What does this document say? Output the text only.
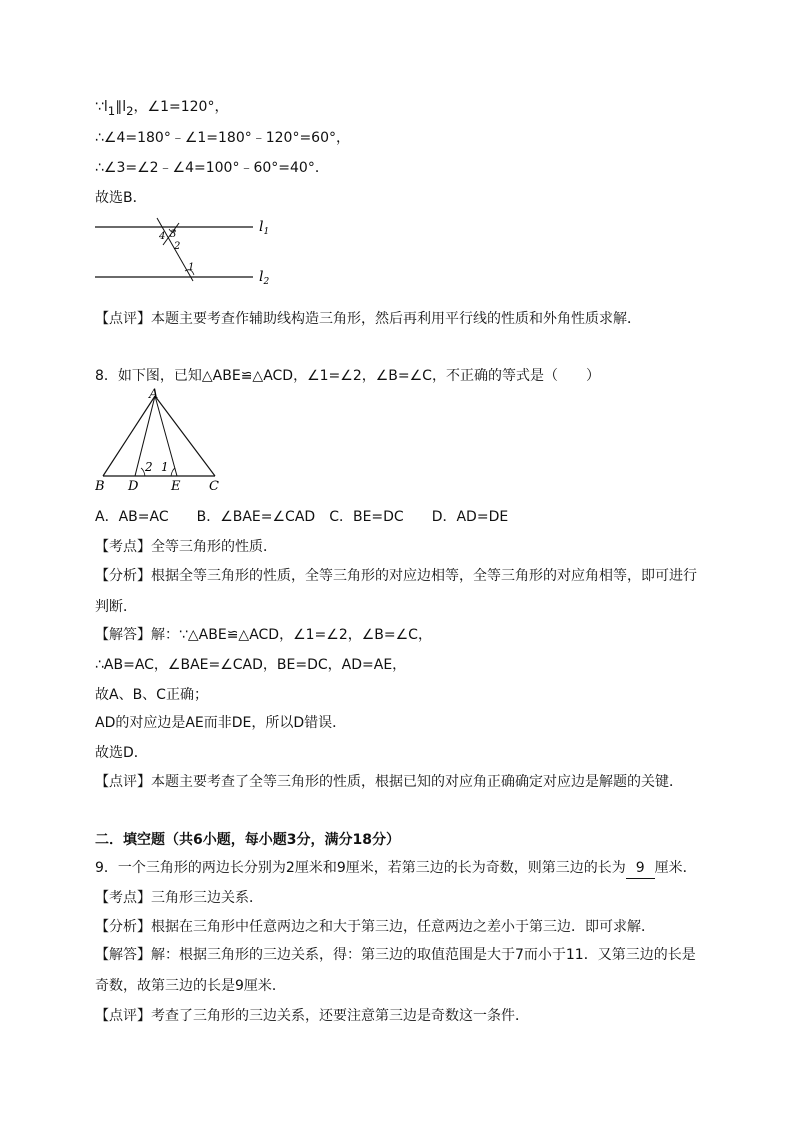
$\because l_1\parallel l_2$，∠1=120°，
∴∠4=180°﹣∠1=180°﹣120°=60°，
∴∠3=∠2﹣∠4=100°﹣60°=40°．
故选B．
$l_1$
$l_2$
4 3
2
1
【点评】本题主要考查作辅助线构造三角形，然后再利用平行线的性质和外角性质求解．
8．如下图，已知△ABE≌△ACD，∠1=∠2，∠B=∠C，不正确的等式是（　　）
A
B D	E C
2 1
A．AB=AC　　B．∠BAE=∠CAD　C．BE=DC　　D．AD=DE
【考点】全等三角形的性质．
【分析】根据全等三角形的性质，全等三角形的对应边相等，全等三角形的对应角相等，即可进行
判断．
【解答】解：∵△ABE≌△ACD，∠1=∠2，∠B=∠C，
∴AB=AC，∠BAE=∠CAD，BE=DC，AD=AE，
故A、B、C正确；
AD的对应边是AE而非DE，所以D错误．
故选D．
【点评】本题主要考查了全等三角形的性质，根据已知的对应角正确确定对应边是解题的关键．
二．填空题（共6小题，每小题3分，满分18分）
9．一个三角形的两边长分别为2厘米和9厘米，若第三边的长为奇数，则第三边的长为 9 厘米．
【考点】三角形三边关系．
【分析】根据在三角形中任意两边之和大于第三边，任意两边之差小于第三边．即可求解．
【解答】解：根据三角形的三边关系，得：第三边的取值范围是大于7而小于11．又第三边的长是
奇数，故第三边的长是9厘米．
【点评】考查了三角形的三边关系，还要注意第三边是奇数这一条件．
